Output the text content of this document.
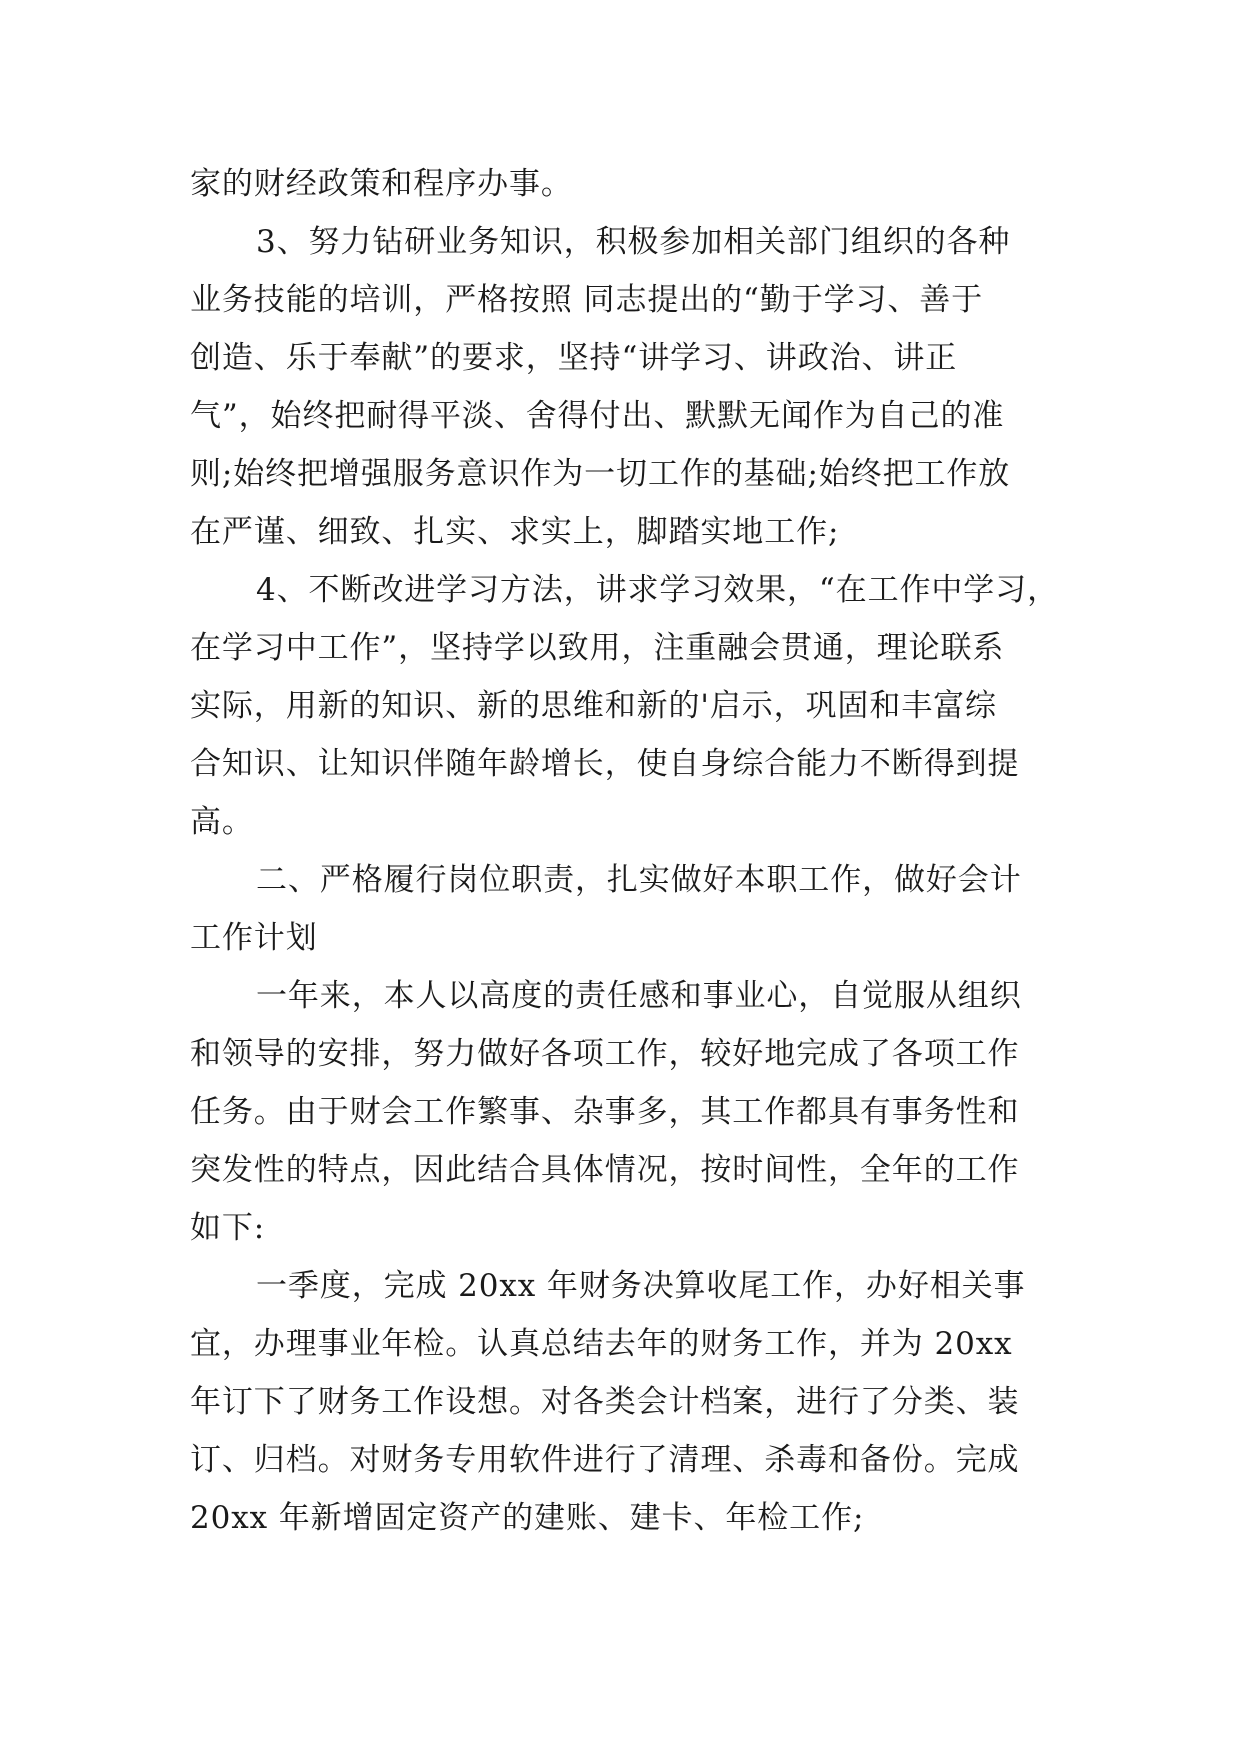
家的财经政策和程序办事。
3、努力钻研业务知识，积极参加相关部门组织的各种
业务技能的培训，严格按照 同志提出的“勤于学习、善于
创造、乐于奉献”的要求，坚持“讲学习、讲政治、讲正
气”，始终把耐得平淡、舍得付出、默默无闻作为自己的准
则;始终把增强服务意识作为一切工作的基础;始终把工作放
在严谨、细致、扎实、求实上，脚踏实地工作;
4、不断改进学习方法，讲求学习效果，“在工作中学习，
在学习中工作”，坚持学以致用，注重融会贯通，理论联系
实际，用新的知识、新的思维和新的'启示，巩固和丰富综
合知识、让知识伴随年龄增长，使自身综合能力不断得到提
高。
二、严格履行岗位职责，扎实做好本职工作，做好会计
工作计划
一年来，本人以高度的责任感和事业心，自觉服从组织
和领导的安排，努力做好各项工作，较好地完成了各项工作
任务。由于财会工作繁事、杂事多，其工作都具有事务性和
突发性的特点，因此结合具体情况，按时间性，全年的工作
如下:
一季度，完成 20xx 年财务决算收尾工作，办好相关事
宜，办理事业年检。认真总结去年的财务工作，并为 20xx
年订下了财务工作设想。对各类会计档案，进行了分类、装
订、归档。对财务专用软件进行了清理、杀毒和备份。完成
20xx 年新增固定资产的建账、建卡、年检工作;
